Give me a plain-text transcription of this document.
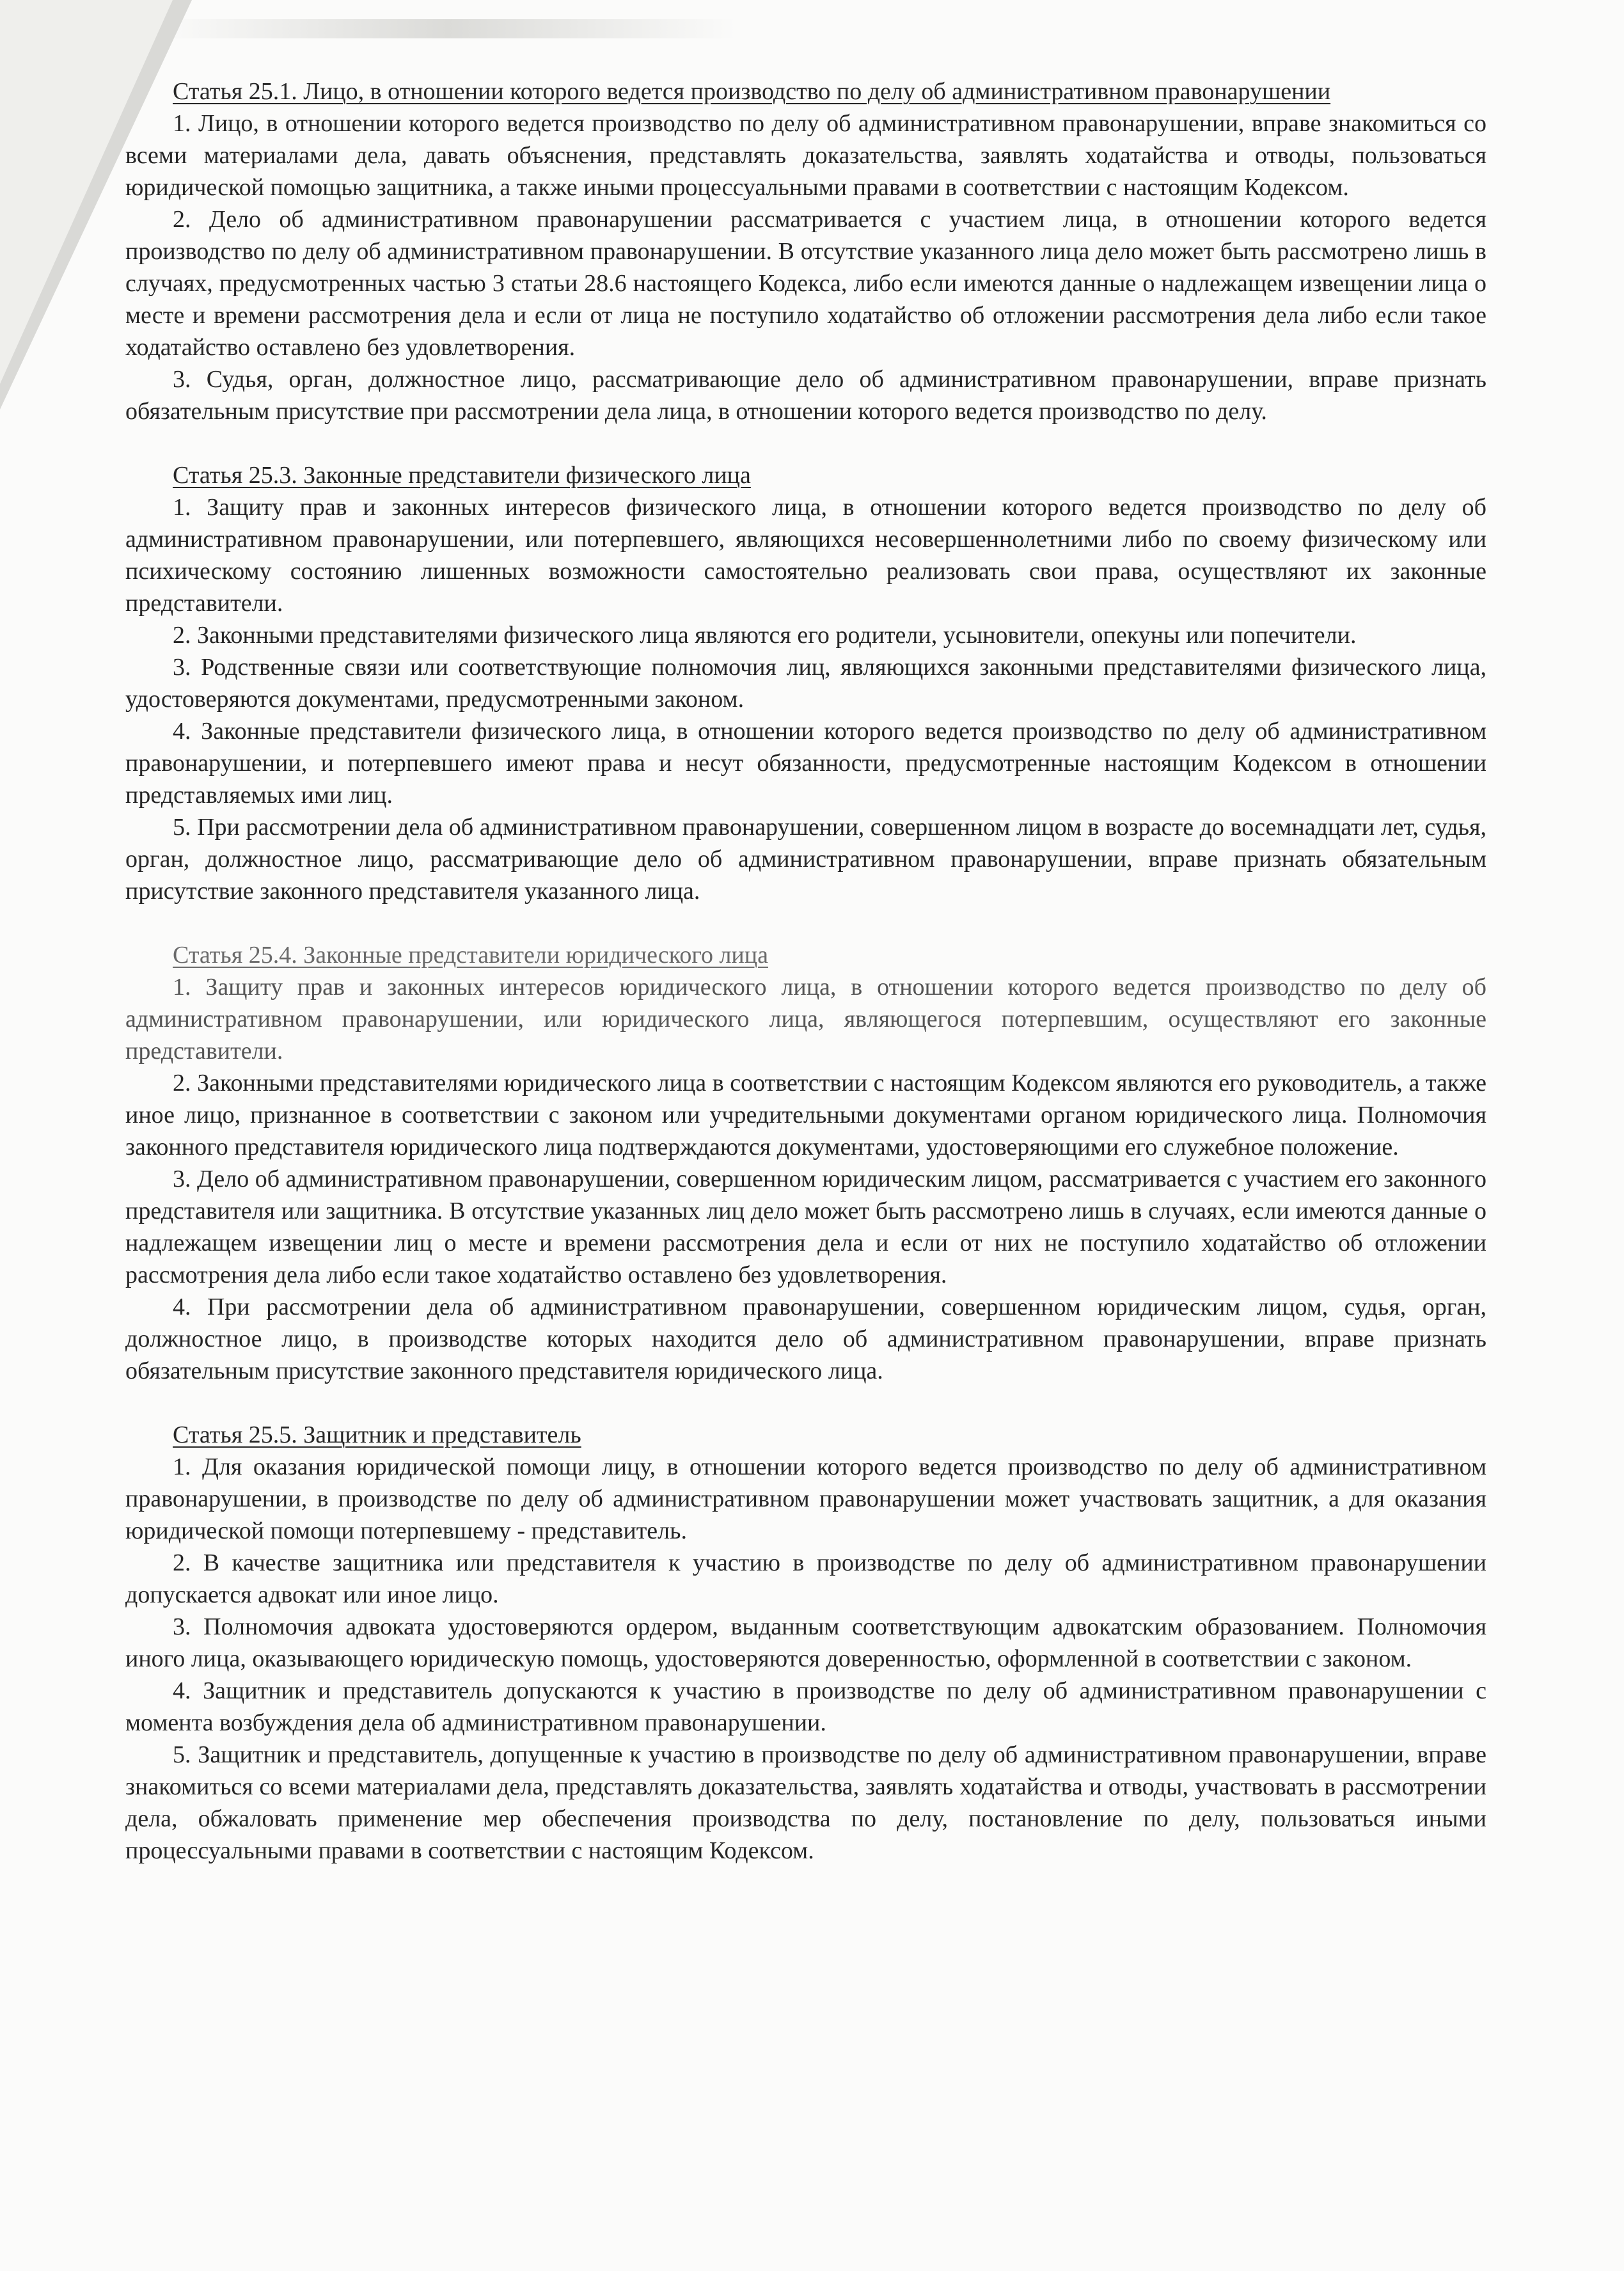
Статья 25.1. Лицо, в отношении которого ведется производство по делу об административном правонарушении

1. Лицо, в отношении которого ведется производство по делу об административном правонарушении, вправе знакомиться со всеми материалами дела, давать объяснения, представлять доказательства, заявлять ходатайства и отводы, пользоваться юридической помощью защитника, а также иными процессуальными правами в соответствии с настоящим Кодексом.

2. Дело об административном правонарушении рассматривается с участием лица, в отношении которого ведется производство по делу об административном правонарушении. В отсутствие указанного лица дело может быть рассмотрено лишь в случаях, предусмотренных частью 3 статьи 28.6 настоящего Кодекса, либо если имеются данные о надлежащем извещении лица о месте и времени рассмотрения дела и если от лица не поступило ходатайство об отложении рассмотрения дела либо если такое ходатайство оставлено без удовлетворения.

3. Судья, орган, должностное лицо, рассматривающие дело об административном правонарушении, вправе признать обязательным присутствие при рассмотрении дела лица, в отношении которого ведется производство по делу.

Статья 25.3. Законные представители физического лица

1. Защиту прав и законных интересов физического лица, в отношении которого ведется производство по делу об административном правонарушении, или потерпевшего, являющихся несовершеннолетними либо по своему физическому или психическому состоянию лишенных возможности самостоятельно реализовать свои права, осуществляют их законные представители.

2. Законными представителями физического лица являются его родители, усыновители, опекуны или попечители.

3. Родственные связи или соответствующие полномочия лиц, являющихся законными представителями физического лица, удостоверяются документами, предусмотренными законом.

4. Законные представители физического лица, в отношении которого ведется производство по делу об административном правонарушении, и потерпевшего имеют права и несут обязанности, предусмотренные настоящим Кодексом в отношении представляемых ими лиц.

5. При рассмотрении дела об административном правонарушении, совершенном лицом в возрасте до восемнадцати лет, судья, орган, должностное лицо, рассматривающие дело об административном правонарушении, вправе признать обязательным присутствие законного представителя указанного лица.

Статья 25.4. Законные представители юридического лица

1. Защиту прав и законных интересов юридического лица, в отношении которого ведется производство по делу об административном правонарушении, или юридического лица, являющегося потерпевшим, осуществляют его законные представители.

2. Законными представителями юридического лица в соответствии с настоящим Кодексом являются его руководитель, а также иное лицо, признанное в соответствии с законом или учредительными документами органом юридического лица. Полномочия законного представителя юридического лица подтверждаются документами, удостоверяющими его служебное положение.

3. Дело об административном правонарушении, совершенном юридическим лицом, рассматривается с участием его законного представителя или защитника. В отсутствие указанных лиц дело может быть рассмотрено лишь в случаях, если имеются данные о надлежащем извещении лиц о месте и времени рассмотрения дела и если от них не поступило ходатайство об отложении рассмотрения дела либо если такое ходатайство оставлено без удовлетворения.

4. При рассмотрении дела об административном правонарушении, совершенном юридическим лицом, судья, орган, должностное лицо, в производстве которых находится дело об административном правонарушении, вправе признать обязательным присутствие законного представителя юридического лица.

Статья 25.5. Защитник и представитель

1. Для оказания юридической помощи лицу, в отношении которого ведется производство по делу об административном правонарушении, в производстве по делу об административном правонарушении может участвовать защитник, а для оказания юридической помощи потерпевшему - представитель.

2. В качестве защитника или представителя к участию в производстве по делу об административном правонарушении допускается адвокат или иное лицо.

3. Полномочия адвоката удостоверяются ордером, выданным соответствующим адвокатским образованием. Полномочия иного лица, оказывающего юридическую помощь, удостоверяются доверенностью, оформленной в соответствии с законом.

4. Защитник и представитель допускаются к участию в производстве по делу об административном правонарушении с момента возбуждения дела об административном правонарушении.

5. Защитник и представитель, допущенные к участию в производстве по делу об административном правонарушении, вправе знакомиться со всеми материалами дела, представлять доказательства, заявлять ходатайства и отводы, участвовать в рассмотрении дела, обжаловать применение мер обеспечения производства по делу, постановление по делу, пользоваться иными процессуальными правами в соответствии с настоящим Кодексом.
